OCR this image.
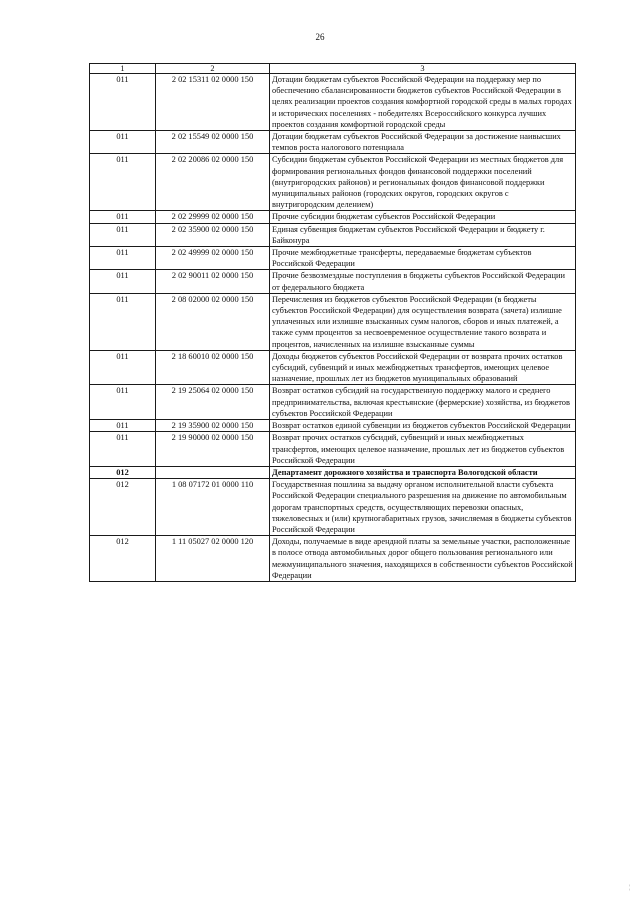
26
1	2	3
011	2 02 15311 02 0000 150	Дотации бюджетам субъектов Российской Федерации на поддержку мер по обеспечению сбалансированности бюджетов субъектов Российской Федерации в целях реализации проектов создания комфортной городской среды в малых городах и исторических поселениях - победителях Всероссийского конкурса лучших проектов создания комфортной городской среды
011	2 02 15549 02 0000 150	Дотации бюджетам субъектов Российской Федерации за достижение наивысших темпов роста налогового потенциала
011	2 02 20086 02 0000 150	Субсидии бюджетам субъектов Российской Федерации из местных бюджетов для формирования региональных фондов финансовой поддержки поселений (внутригородских районов) и региональных фондов финансовой поддержки муниципальных районов (городских округов, городских округов с внутригородским делением)
011	2 02 29999 02 0000 150	Прочие субсидии бюджетам субъектов Российской Федерации
011	2 02 35900 02 0000 150	Единая субвенция бюджетам субъектов Российской Федерации и бюджету г. Байконура
011	2 02 49999 02 0000 150	Прочие межбюджетные трансферты, передаваемые бюджетам субъектов Российской Федерации
011	2 02 90011 02 0000 150	Прочие безвозмездные поступления в бюджеты субъектов Российской Федерации от федерального бюджета
011	2 08 02000 02 0000 150	Перечисления из бюджетов субъектов Российской Федерации (в бюджеты субъектов Российской Федерации) для осуществления возврата (зачета) излишне уплаченных или излишне взысканных сумм налогов, сборов и иных платежей, а также сумм процентов за несвоевременное осуществление такого возврата и процентов, начисленных на излишне взысканные суммы
011	2 18 60010 02 0000 150	Доходы бюджетов субъектов Российской Федерации от возврата прочих остатков субсидий, субвенций и иных межбюджетных трансфертов, имеющих целевое назначение, прошлых лет из бюджетов муниципальных образований
011	2 19 25064 02 0000 150	Возврат остатков субсидий на государственную поддержку малого и среднего предпринимательства, включая крестьянские (фермерские) хозяйства, из бюджетов субъектов Российской Федерации
011	2 19 35900 02 0000 150	Возврат остатков единой субвенции из бюджетов субъектов Российской Федерации
011	2 19 90000 02 0000 150	Возврат прочих остатков субсидий, субвенций и иных межбюджетных трансфертов, имеющих целевое назначение, прошлых лет из бюджетов субъектов Российской Федерации
012		Департамент дорожного хозяйства и транспорта Вологодской области
012	1 08 07172 01 0000 110	Государственная пошлина за выдачу органом исполнительной власти субъекта Российской Федерации специального разрешения на движение по автомобильным дорогам транспортных средств, осуществляющих перевозки опасных, тяжеловесных и (или) крупногабаритных грузов, зачисляемая в бюджеты субъектов Российской Федерации
012	1 11 05027 02 0000 120	Доходы, получаемые в виде арендной платы за земельные участки, расположенные в полосе отвода автомобильных дорог общего пользования регионального или межмуниципального значения, находящихся в собственности субъектов Российской Федерации
¦
